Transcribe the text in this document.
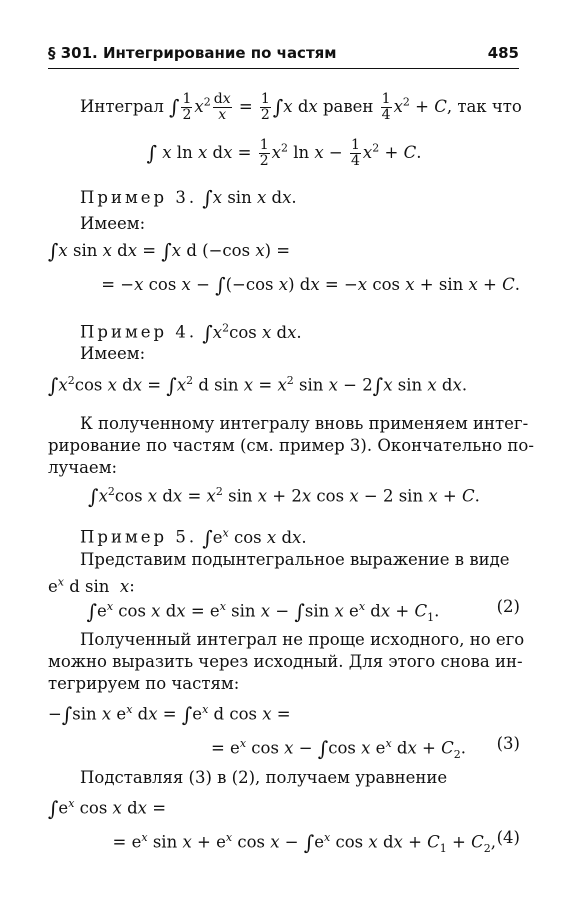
§ 301. Интегрирование по частям	485
Интеграл ∫ $\frac{1}{2} x^2 \frac{dx}{x} = \frac{1}{2} \int x$ dx равен $\frac{1}{4} x^2 + C$, так что
∫ x ln x dx = $\frac{1}{2} x^2$ $\ln x - \frac{1}{4} x^2 + C$.
Пример 3. ∫x sin x dx.
Имеем:
∫x sin x dx = ∫x d (−cos x) =
= −x cos x − ∫(−cos x) dx = −x cos x + sin x + C.
Пример 4. $\int x^2\cos$ x dx.
Имеем:
$\int x^2\cos$ x dx = $\int x^2$ d $\sin x = x^2$ sin x − 2∫x sin x dx.
К полученному интегралу вновь применяем интег-
рирование по частям (см. пример 3). Окончательно по-
лучаем:
$\int x^2\cos$ x dx = $x^2$ sin x + 2x cos x − 2 sin x + C.
Пример 5. $\int e^x$ cos x dx.
Представим подынтегральное выражение в виде
$e^x$ d sin  x:
$\int e^x$ cos x dx = $e^x$ sin x − ∫sin x $e^x$ dx + $C_1$.	(2)
Полученный интеграл не проще исходного, но его
можно выразить через исходный. Для этого снова ин-
тегрируем по частям:
−∫sin x $e^x$ dx = $\int e^x$ d cos x =
= $e^x$ cos x − ∫cos x $e^x$ dx + $C_2$. (3)
Подставляя (3) в (2), получаем уравнение
$\int e^x$ cos x dx =
= $e^x$ $\sin x + e^x$ $\cos x - \int e^x$ cos x dx + $C_1 + C_2$, (4)
